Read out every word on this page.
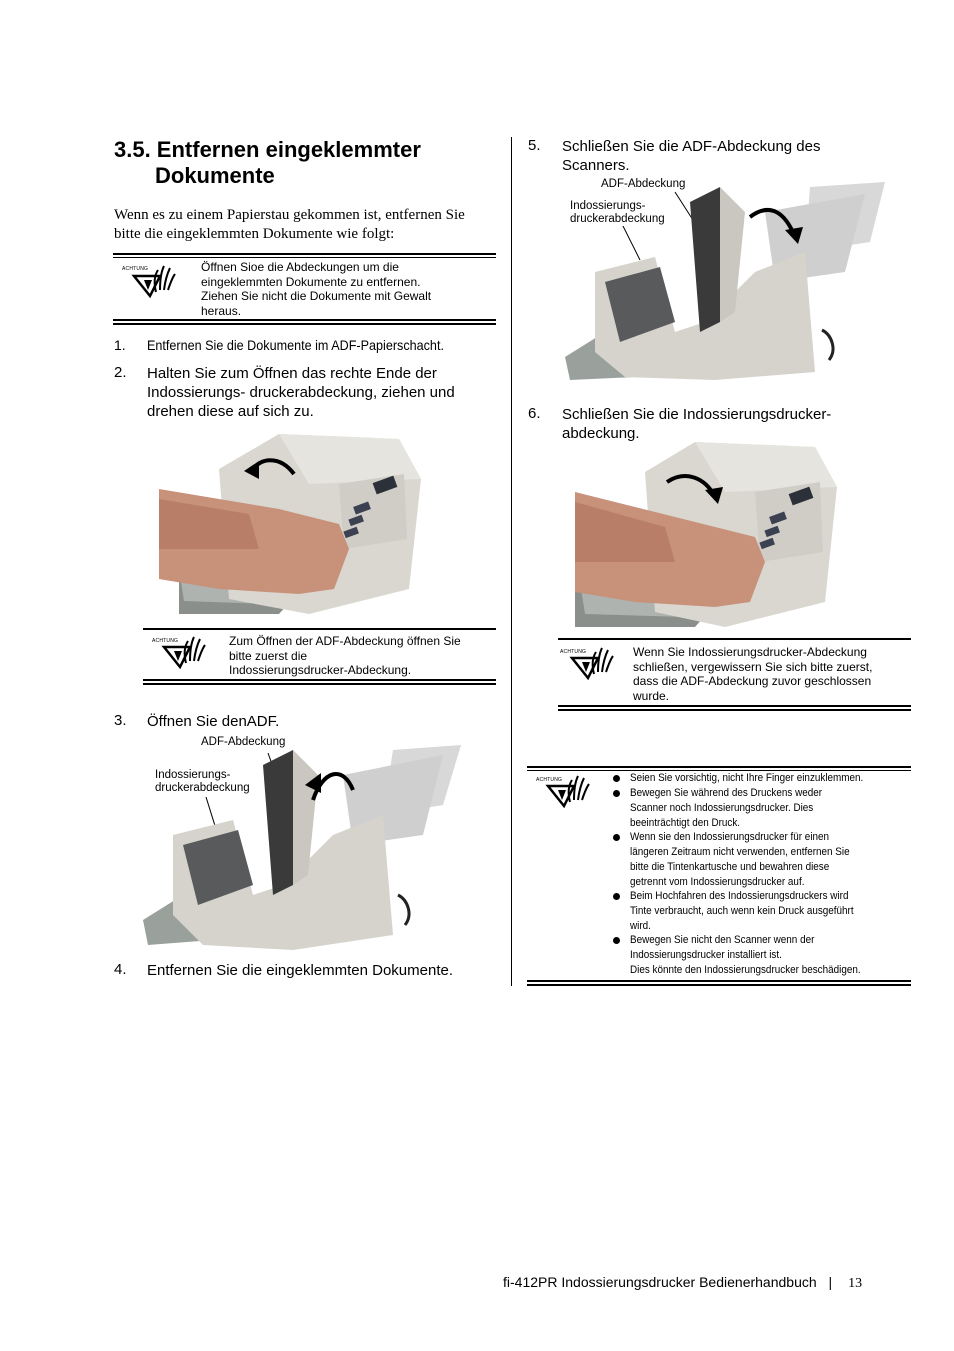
3.5. Entfernen eingeklemmter
Dokumente
Wenn es zu einem Papierstau gekommen ist, entfernen Sie
bitte die eingeklemmten Dokumente wie folgt:
ACHTUNG	Öffnen Sioe die Abdeckungen um die
eingeklemmten Dokumente zu entfernen.
Ziehen Sie nicht die Dokumente mit Gewalt
heraus.
1. Entfernen Sie die Dokumente im ADF-Papierschacht.
2. Halten Sie zum Öffnen das rechte Ende der
Indossierungs- druckerabdeckung, ziehen und
drehen diese auf sich zu.
ACHTUNG	Zum Öffnen der ADF-Abdeckung öffnen Sie
bitte zuerst die
Indossierungsdrucker-Abdeckung.
3. Öffnen Sie denADF.
ADF-Abdeckung
Indossierungs-
druckerabdeckung
4. Entfernen Sie die eingeklemmten Dokumente.
5. Schließen Sie die ADF-Abdeckung des
Scanners.
ADF-Abdeckung
Indossierungs-
druckerabdeckung
6. Schließen Sie die Indossierungsdrucker-
abdeckung.
ACHTUNG	Wenn Sie Indossierungsdrucker-Abdeckung
schließen, vergewissern Sie sich bitte zuerst,
dass die ADF-Abdeckung zuvor geschlossen
wurde.
ACHTUNG	Seien Sie vorsichtig, nicht Ihre Finger einzuklemmen.
Bewegen Sie während des Druckens weder
Scanner noch Indossierungsdrucker. Dies
beeinträchtigt den Druck.
Wenn sie den Indossierungsdrucker für einen
längeren Zeitraum nicht verwenden, entfernen Sie
bitte die Tintenkartusche und bewahren diese
getrennt vom Indossierungsdrucker auf.
Beim Hochfahren des Indossierungsdruckers wird
Tinte verbraucht, auch wenn kein Druck ausgeführt
wird.
Bewegen Sie nicht den Scanner wenn der
Indossierungsdrucker installiert ist.
Dies könnte den Indossierungsdrucker beschädigen.
fi-412PR Indossierungsdrucker Bedienerhandbuch | 13
